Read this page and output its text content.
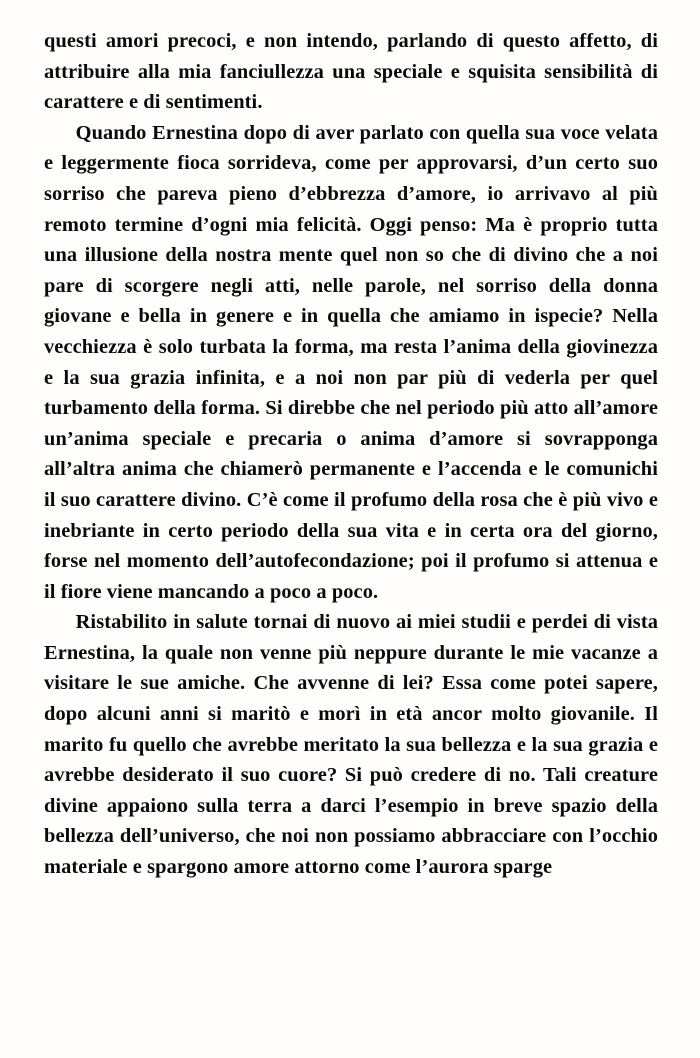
questi amori precoci, e non intendo, parlando di questo affetto, di attribuire alla mia fanciullezza una speciale e squisita sensibilità di carattere e di sentimenti.

Quando Ernestina dopo di aver parlato con quella sua voce velata e leggermente fioca sorrideva, come per approvarsi, d’un certo suo sorriso che pareva pieno d’ebbrezza d’amore, io arrivavo al più remoto termine d’ogni mia felicità. Oggi penso: Ma è proprio tutta una illusione della nostra mente quel non so che di divino che a noi pare di scorgere negli atti, nelle parole, nel sorriso della donna giovane e bella in genere e in quella che amiamo in ispecie? Nella vecchiezza è solo turbata la forma, ma resta l’anima della giovinezza e la sua grazia infinita, e a noi non par più di vederla per quel turbamento della forma. Si direbbe che nel periodo più atto all’amore un’anima speciale e precaria o anima d’amore si sovrapponga all’altra anima che chiamerò permanente e l’accenda e le comunichi il suo carattere divino. C’è come il profumo della rosa che è più vivo e inebriante in certo periodo della sua vita e in certa ora del giorno, forse nel momento dell’autofecondazione; poi il profumo si attenua e il fiore viene mancando a poco a poco.

Ristabilito in salute tornai di nuovo ai miei studii e perdei di vista Ernestina, la quale non venne più neppure durante le mie vacanze a visitare le sue amiche. Che avvenne di lei? Essa come potei sapere, dopo alcuni anni si maritò e morì in età ancor molto giovanile. Il marito fu quello che avrebbe meritato la sua bellezza e la sua grazia e avrebbe desiderato il suo cuore? Si può credere di no. Tali creature divine appaiono sulla terra a darci l’esempio in breve spazio della bellezza dell’universo, che noi non possiamo abbracciare con l’occhio materiale e spargono amore attorno come l’aurora sparge
